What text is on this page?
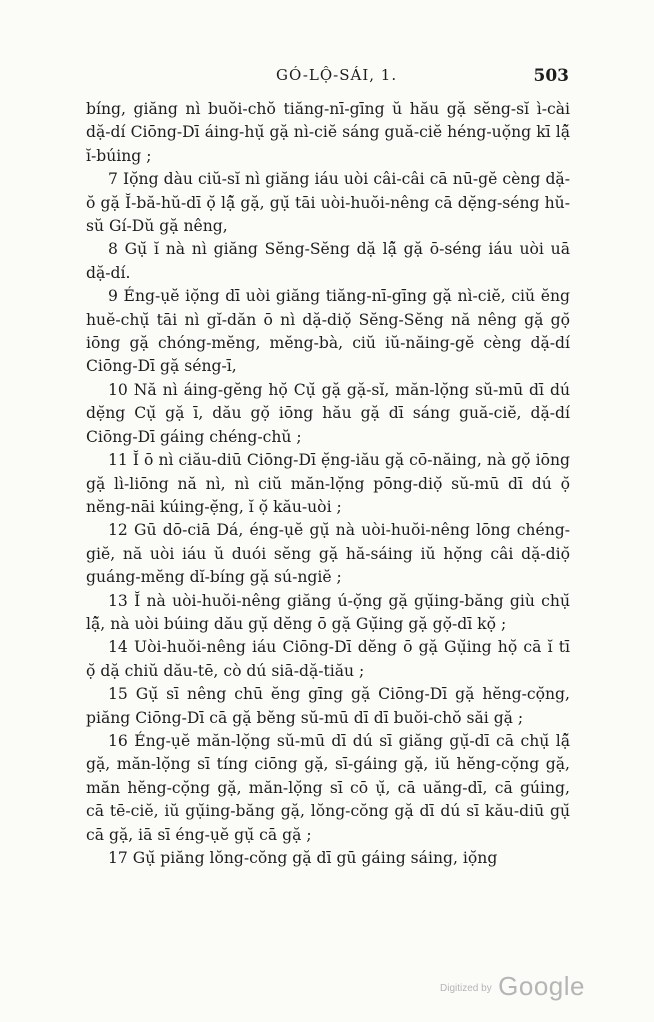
GÓ-LỘ-SÁI, 1.	503

bíng, giăng nì buŏi-chŏ tiăng-nī-gīng ŭ hău gặ sĕng-sĭ ì-cài dặ-dí Ciōng-Dī áing-hụ̆ gặ nì-ciĕ sáng guă-ciĕ héng-uọ̆ng kī lậ̆ ĭ-búing ;

7 Iọ̆ng dàu ciŭ-sĭ nì giăng iáu uòi câi-câi cā nū-gĕ cèng dặ-ŏ gặ Ĭ-bă-hŭ-dī ọ̆ lậ̆ gặ, gụ̆ tāi uòi-huŏi-nêng cā dẹ̆ng-séng hŭ-sŭ Gí-Dŭ gặ nêng,

8 Gụ̆ ĭ nà nì giăng Sĕng-Sĕng dặ lậ̆ gặ ō-séng iáu uòi uā dặ-dí.

9 Éng-ụĕ iọ̆ng dī uòi giăng tiăng-nī-gīng gặ nì-ciĕ, ciŭ ĕng huĕ-chụ̆ tāi nì gĭ-dăn ō nì dặ-diọ̆ Sĕng-Sĕng nă nêng gặ gọ̆ iōng gặ chóng-mĕng, mĕng-bà, ciŭ iŭ-năing-gĕ cèng dặ-dí Ciōng-Dī gặ séng-ī,

10 Nă nì áing-gĕng họ̆ Cụ̆ gặ gặ-sĭ, măn-lọ̆ng sŭ-mū dī dú dẹ̆ng Cụ̆ gặ ī, dău gọ̆ iōng hău gặ dī sáng guă-ciĕ, dặ-dí Ciōng-Dī gáing chéng-chŭ ;

11 Ĭ ō nì ciău-diū Ciōng-Dī ẹ̆ng-iău gặ cō-năing, nà gọ̆ iōng gặ lì-liōng nă nì, nì ciŭ măn-lọ̆ng pōng-diọ̆ sŭ-mū dī dú ọ̆ nĕng-nāi kúing-ẹ̆ng, ĭ ọ̆ kău-uòi ;

12 Gū dō-ciā Dá, éng-ụĕ gụ̆ nà uòi-huŏi-nêng lōng chéng-giĕ, nă uòi iáu ŭ duói sĕng gặ hă-sáing iŭ họ̆ng câi dặ-diọ̆ guáng-mĕng dĭ-bíng gặ sú-ngiĕ ;

13 Ĭ nà uòi-huŏi-nêng giăng ú-ọ̆ng gặ gụ̆ing-băng giù chụ̆ lậ̆, nà uòi búing dău gụ̆ dĕng ō gặ Gụ̆ing gặ gọ̆-dī kọ̆ ;

14 Uòi-huŏi-nêng iáu Ciōng-Dī dĕng ō gặ Gụ̆ing họ̆ cā ĭ tī ọ̆ dặ chiŭ dău-tē, cò dú siā-dặ-tiău ;

15 Gụ̆ sī nêng chū ĕng gīng gặ Ciōng-Dī gặ hĕng-cọ̆ng, piăng Ciōng-Dī cā gặ bĕng sŭ-mū dī dī buŏi-chŏ săi gặ ;

16 Éng-ụĕ măn-lọ̆ng sŭ-mū dī dú sī giăng gụ̆-dī cā chụ̆ lậ̆ gặ, măn-lọ̆ng sī tíng ciōng gặ, sī-gáing gặ, iŭ hĕng-cọ̆ng gặ, măn hĕng-cọ̆ng gặ, măn-lọ̆ng sī cō ụ̆, cā uăng-dī, cā gúing, cā tē-ciĕ, iŭ gụ̆ing-băng gặ, lŏng-cŏng gặ dī dú sī kău-diū gụ̆ cā gặ, iā sī éng-ụĕ gụ̆ cā gặ ;

17 Gụ̆ piăng lŏng-cŏng gặ dī gū gáing sáing, iọ̆ng

$^{Digitized by}$ Google
